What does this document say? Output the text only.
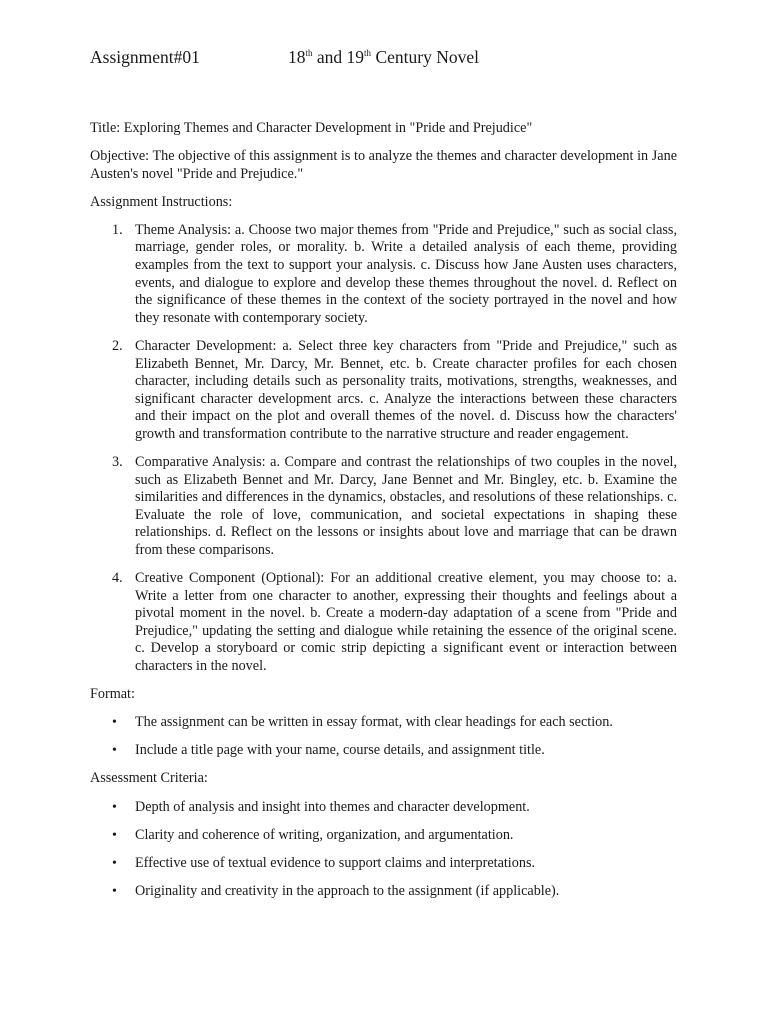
Assignment#01	18th and 19th Century Novel

Title: Exploring Themes and Character Development in "Pride and Prejudice"

Objective: The objective of this assignment is to analyze the themes and character development in Jane Austen's novel "Pride and Prejudice."

Assignment Instructions:

1. Theme Analysis: a. Choose two major themes from "Pride and Prejudice," such as social class, marriage, gender roles, or morality. b. Write a detailed analysis of each theme, providing examples from the text to support your analysis. c. Discuss how Jane Austen uses characters, events, and dialogue to explore and develop these themes throughout the novel. d. Reflect on the significance of these themes in the context of the society portrayed in the novel and how they resonate with contemporary society.
2. Character Development: a. Select three key characters from "Pride and Prejudice," such as Elizabeth Bennet, Mr. Darcy, Mr. Bennet, etc. b. Create character profiles for each chosen character, including details such as personality traits, motivations, strengths, weaknesses, and significant character development arcs. c. Analyze the interactions between these characters and their impact on the plot and overall themes of the novel. d. Discuss how the characters' growth and transformation contribute to the narrative structure and reader engagement.
3. Comparative Analysis: a. Compare and contrast the relationships of two couples in the novel, such as Elizabeth Bennet and Mr. Darcy, Jane Bennet and Mr. Bingley, etc. b. Examine the similarities and differences in the dynamics, obstacles, and resolutions of these relationships. c. Evaluate the role of love, communication, and societal expectations in shaping these relationships. d. Reflect on the lessons or insights about love and marriage that can be drawn from these comparisons.
4. Creative Component (Optional): For an additional creative element, you may choose to: a. Write a letter from one character to another, expressing their thoughts and feelings about a pivotal moment in the novel. b. Create a modern-day adaptation of a scene from "Pride and Prejudice," updating the setting and dialogue while retaining the essence of the original scene. c. Develop a storyboard or comic strip depicting a significant event or interaction between characters in the novel.

Format:

• The assignment can be written in essay format, with clear headings for each section.
• Include a title page with your name, course details, and assignment title.

Assessment Criteria:

• Depth of analysis and insight into themes and character development.
• Clarity and coherence of writing, organization, and argumentation.
• Effective use of textual evidence to support claims and interpretations.
• Originality and creativity in the approach to the assignment (if applicable).
